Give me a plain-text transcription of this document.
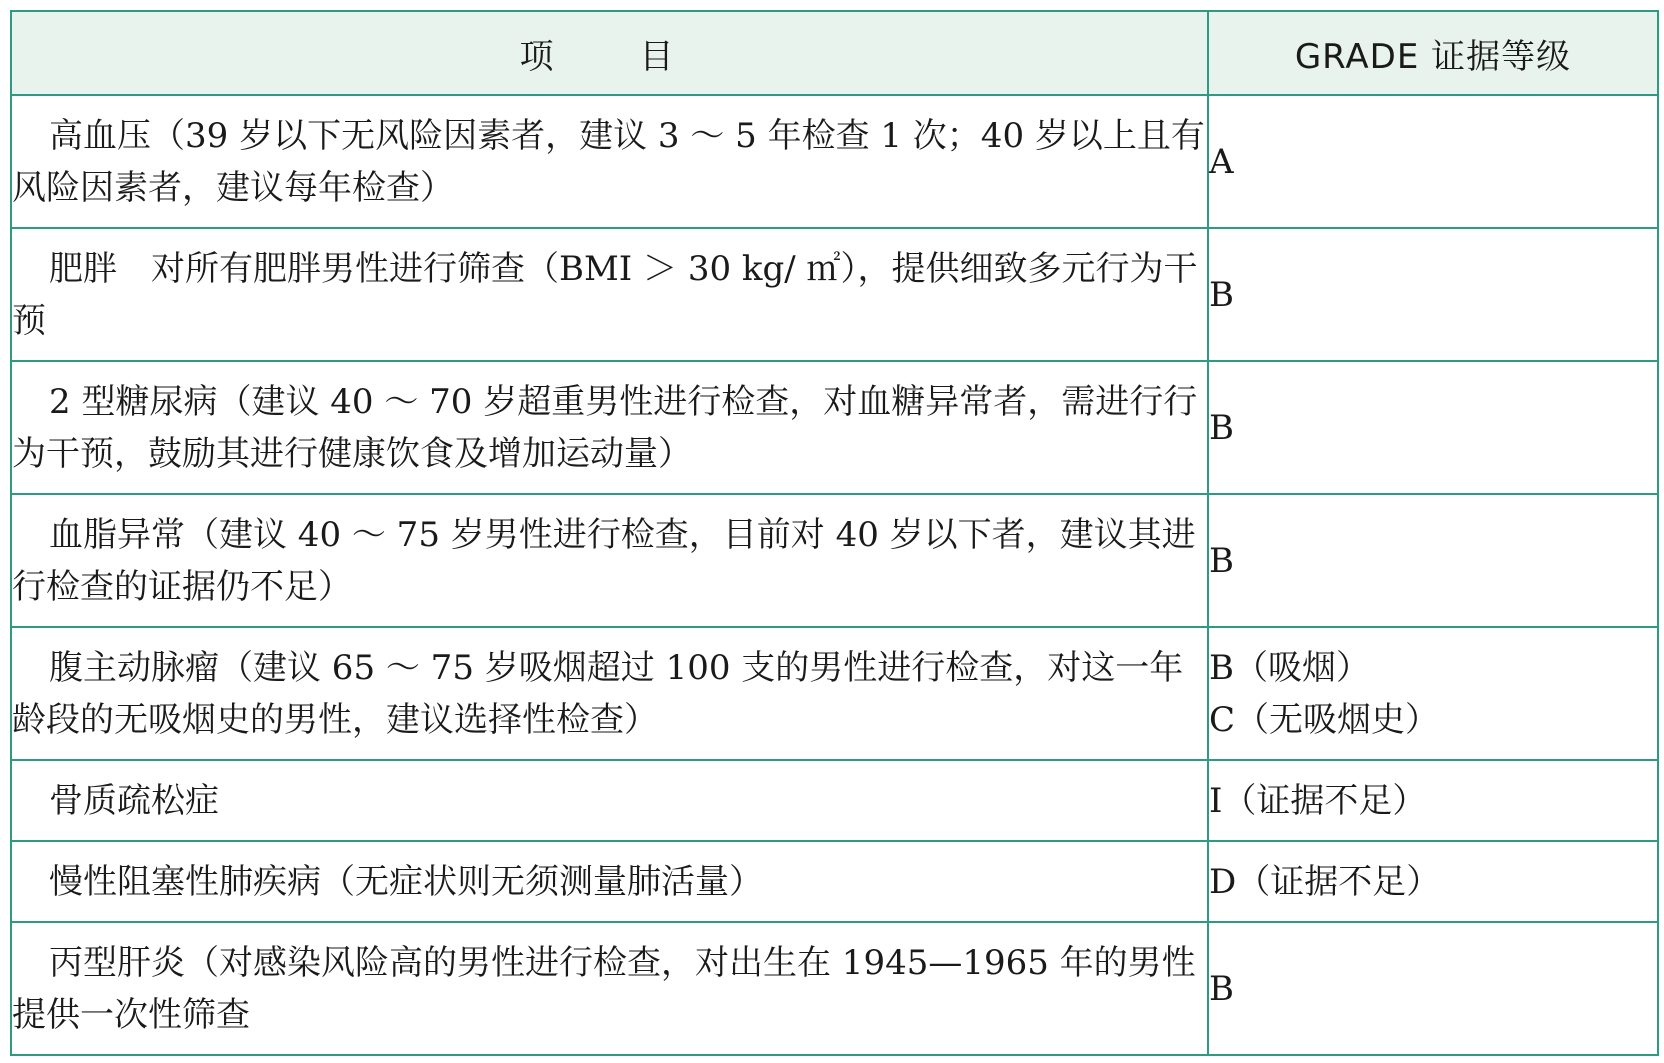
项　目	GRADE 证据等级
高血压（39 岁以下无风险因素者，建议 3 ～ 5 年检查 1 次；40 岁以上且有风险因素者，建议每年检查）	A

肥胖　对所有肥胖男性进行筛查（BMI ＞ 30 kg/ ㎡），提供细致多元行为干预	B

2 型糖尿病（建议 40 ～ 70 岁超重男性进行检查，对血糖异常者，需进行行为干预，鼓励其进行健康饮食及增加运动量）	B

血脂异常（建议 40 ～ 75 岁男性进行检查，目前对 40 岁以下者，建议其进行检查的证据仍不足）	B

腹主动脉瘤（建议 65 ～ 75 岁吸烟超过 100 支的男性进行检查，对这一年龄段的无吸烟史的男性，建议选择性检查）	B（吸烟）
C（无吸烟史）

骨质疏松症	I（证据不足）

慢性阻塞性肺疾病（无症状则无须测量肺活量）	D（证据不足）

丙型肝炎（对感染风险高的男性进行检查，对出生在 1945—1965 年的男性提供一次性筛查	B
